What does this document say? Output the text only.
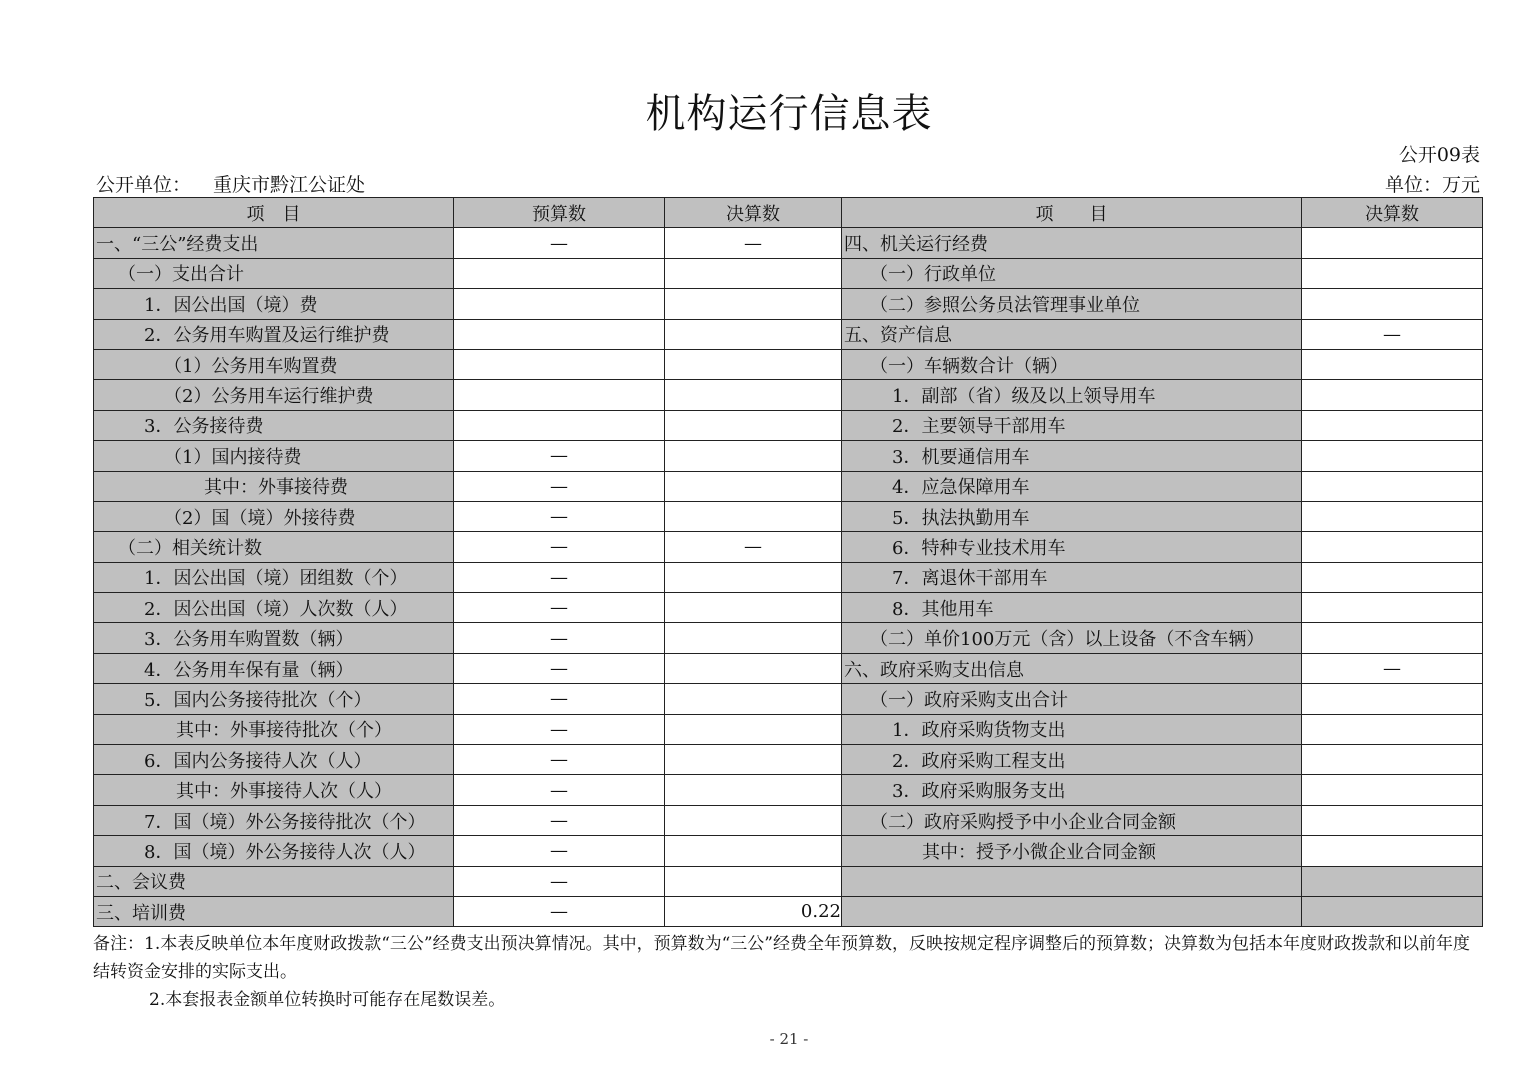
机构运行信息表
公开09表
公开单位： 重庆市黔江公证处	单位：万元
项　目	预算数	决算数	项　　目	决算数
一、“三公”经费支出	—	—	四、机关运行经费	
（一）支出合计			（一）行政单位	
1．因公出国（境）费			（二）参照公务员法管理事业单位	
2．公务用车购置及运行维护费			五、资产信息	—
（1）公务用车购置费			（一）车辆数合计（辆）	
（2）公务用车运行维护费			1．副部（省）级及以上领导用车	
3．公务接待费			2．主要领导干部用车	
（1）国内接待费	—		3．机要通信用车	
其中：外事接待费	—		4．应急保障用车	
（2）国（境）外接待费	—		5．执法执勤用车	
（二）相关统计数	—	—	6．特种专业技术用车	
1．因公出国（境）团组数（个）	—		7．离退休干部用车	
2．因公出国（境）人次数（人）	—		8．其他用车	
3．公务用车购置数（辆）	—		（二）单价100万元（含）以上设备（不含车辆）	
4．公务用车保有量（辆）	—		六、政府采购支出信息	—
5．国内公务接待批次（个）	—		（一）政府采购支出合计	
其中：外事接待批次（个）	—		1．政府采购货物支出	
6．国内公务接待人次（人）	—		2．政府采购工程支出	
其中：外事接待人次（人）	—		3．政府采购服务支出	
7．国（境）外公务接待批次（个）	—		（二）政府采购授予中小企业合同金额	
8．国（境）外公务接待人次（人）	—		其中：授予小微企业合同金额	
二、会议费	—			
三、培训费	—	0.22		
备注：1.本表反映单位本年度财政拨款“三公”经费支出预决算情况。其中，预算数为“三公”经费全年预算数，反映按规定程序调整后的预算数；决算数为包括本年度财政拨款和以前年度结转资金安排的实际支出。
2.本套报表金额单位转换时可能存在尾数误差。
- 21 -
